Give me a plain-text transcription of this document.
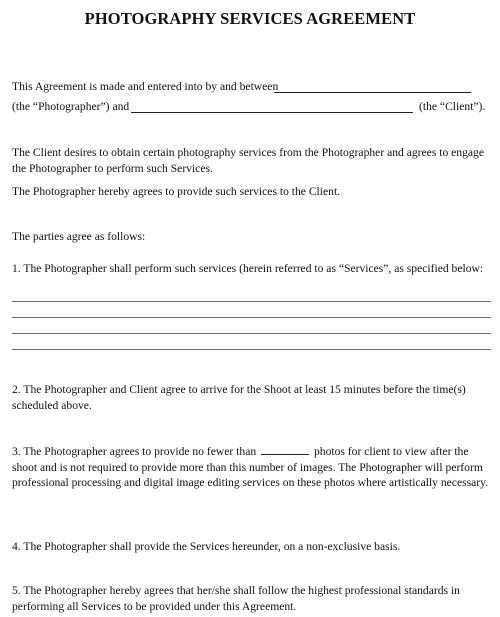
PHOTOGRAPHY SERVICES AGREEMENT
This Agreement is made and entered into by and between
(the “Photographer”) and	(the “Client”).
The Client desires to obtain certain photography services from the Photographer and agrees to engage the Photographer to perform such Services.
The Photographer hereby agrees to provide such services to the Client.
The parties agree as follows:
1. The Photographer shall perform such services (herein referred to as “Services”, as specified below:
2. The Photographer and Client agree to arrive for the Shoot at least 15 minutes before the time(s) scheduled above.
3. The Photographer agrees to provide no fewer than	photos for client to view after the shoot and is not required to provide more than this number of images. The Photographer will perform professional processing and digital image editing services on these photos where artistically necessary.
4. The Photographer shall provide the Services hereunder, on a non-exclusive basis.
5. The Photographer hereby agrees that her/she shall follow the highest professional standards in performing all Services to be provided under this Agreement.
